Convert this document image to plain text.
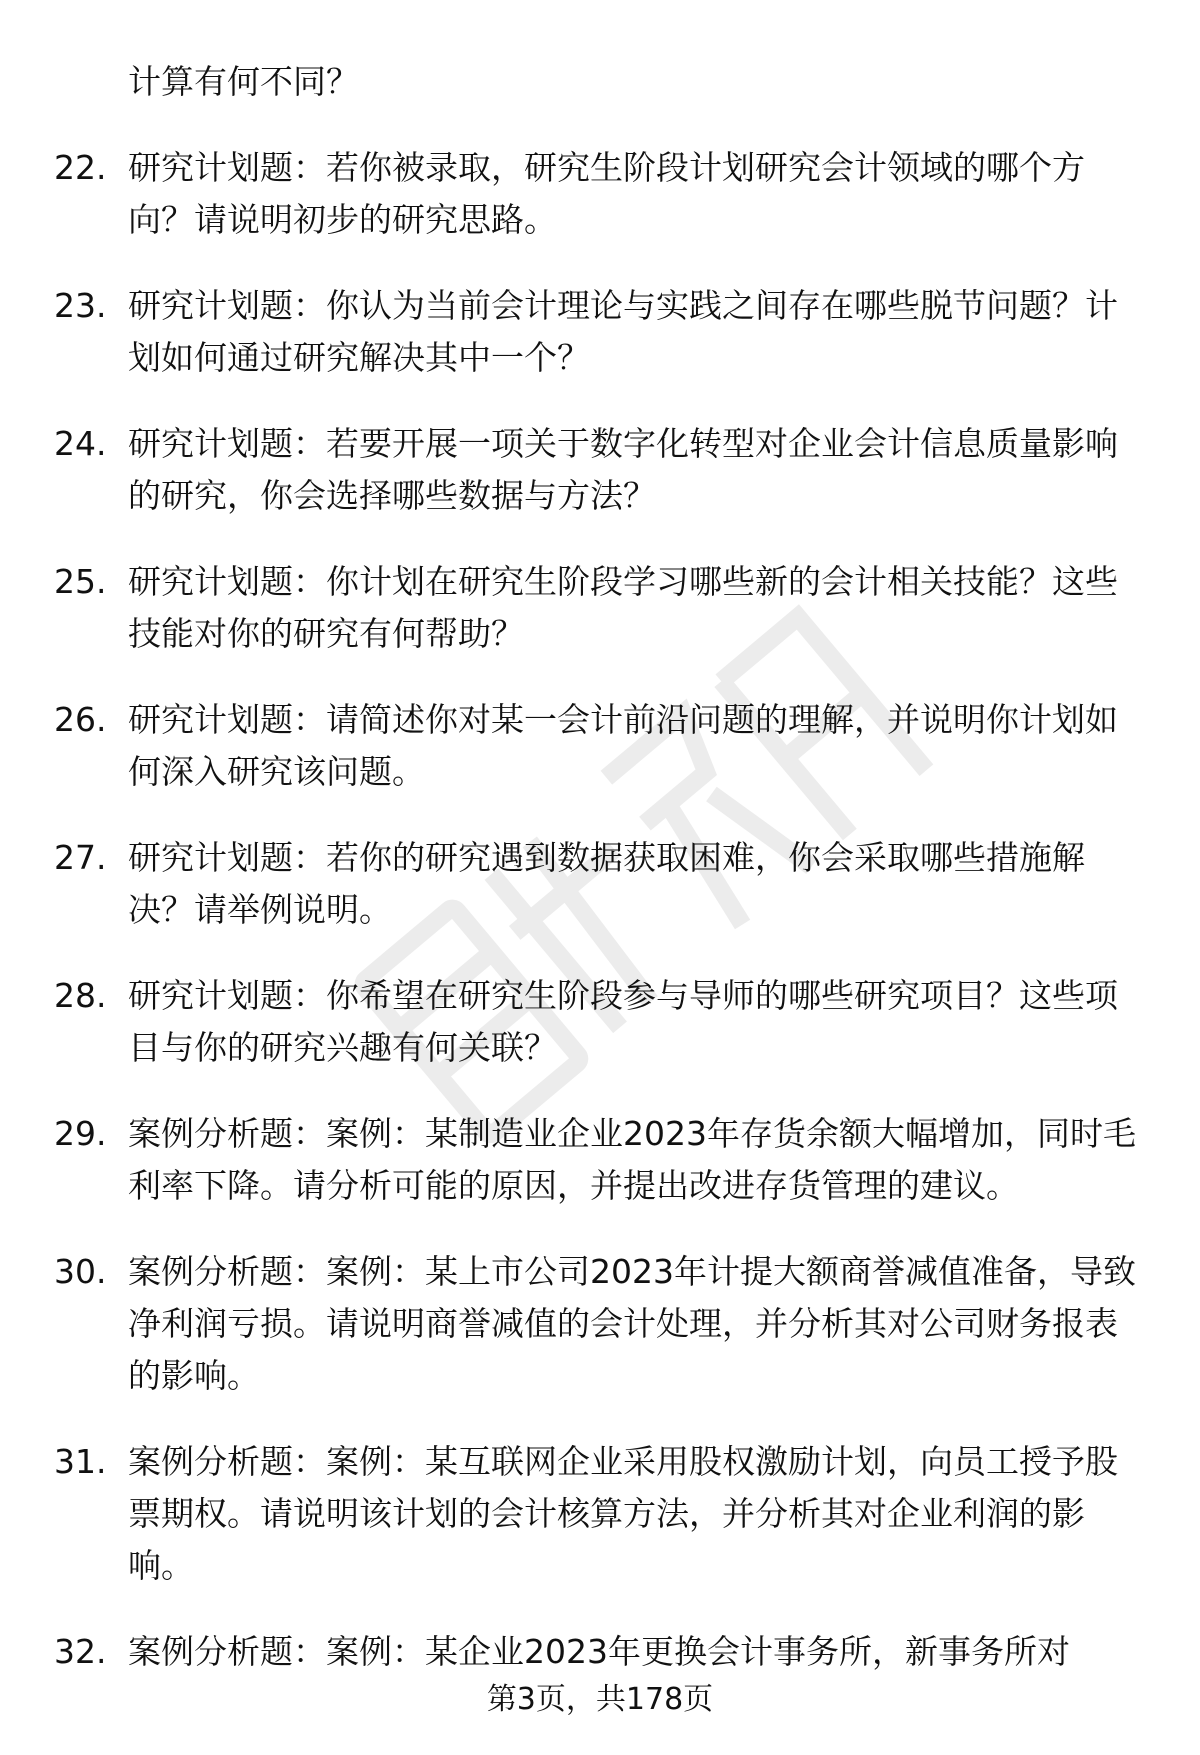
计算有何不同？
22. 研究计划题：若你被录取，研究生阶段计划研究会计领域的哪个方向？请说明初步的研究思路。
23. 研究计划题：你认为当前会计理论与实践之间存在哪些脱节问题？计划如何通过研究解决其中一个？
24. 研究计划题：若要开展一项关于数字化转型对企业会计信息质量影响的研究，你会选择哪些数据与方法？
25. 研究计划题：你计划在研究生阶段学习哪些新的会计相关技能？这些技能对你的研究有何帮助？
26. 研究计划题：请简述你对某一会计前沿问题的理解，并说明你计划如何深入研究该问题。
27. 研究计划题：若你的研究遇到数据获取困难，你会采取哪些措施解决？请举例说明。
28. 研究计划题：你希望在研究生阶段参与导师的哪些研究项目？这些项目与你的研究兴趣有何关联？
29. 案例分析题：案例：某制造业企业2023年存货余额大幅增加，同时毛利率下降。请分析可能的原因，并提出改进存货管理的建议。
30. 案例分析题：案例：某上市公司2023年计提大额商誉减值准备，导致净利润亏损。请说明商誉减值的会计处理，并分析其对公司财务报表的影响。
31. 案例分析题：案例：某互联网企业采用股权激励计划，向员工授予股票期权。请说明该计划的会计核算方法，并分析其对企业利润的影响。
32. 案例分析题：案例：某企业2023年更换会计事务所，新事务所对
第3页，共178页
